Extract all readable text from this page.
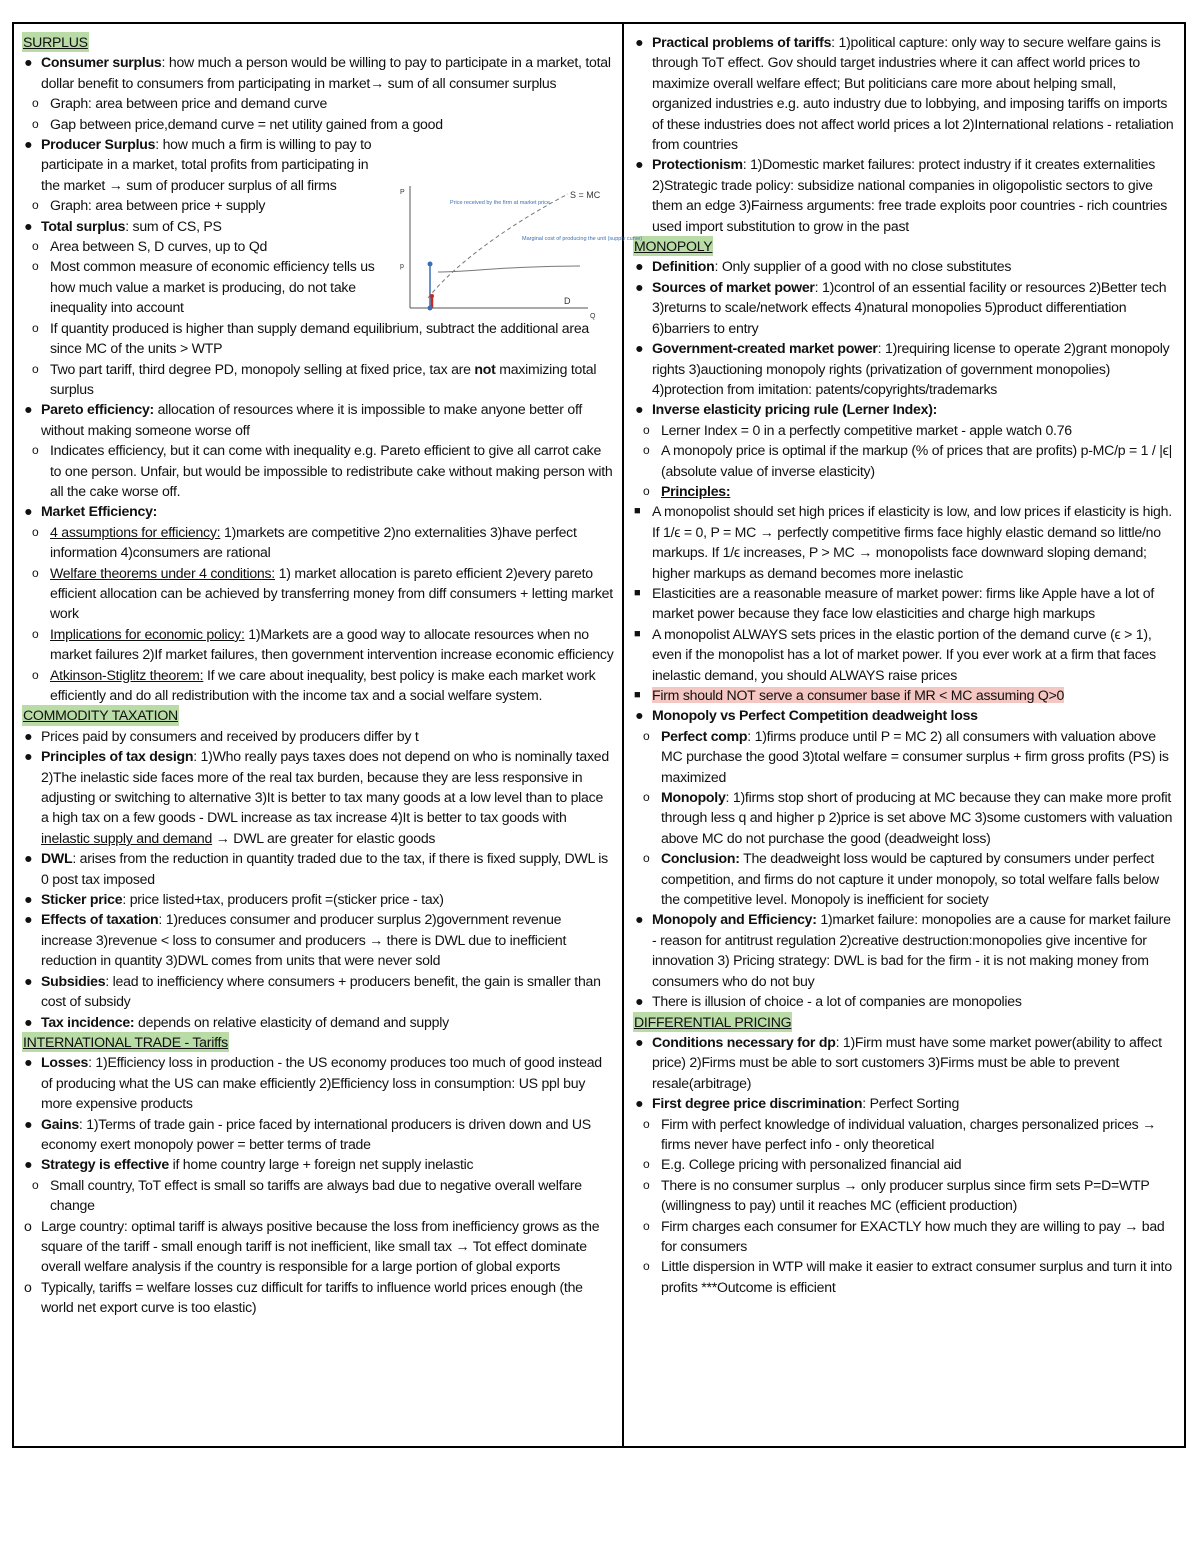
SURPLUS
● Consumer surplus: how much a person would be willing to pay to participate in a market, total dollar benefit to consumers from participating in market→ sum of all consumer surplus
o Graph: area between price and demand curve
o Gap between price,demand curve = net utility gained from a good
● Producer Surplus: how much a firm is willing to pay to participate in a market, total profits from participating in the market → sum of producer surplus of all firms
o Graph: area between price + supply
● Total surplus: sum of CS, PS
o Area between S, D curves, up to Qd
o Most common measure of economic efficiency tells us how much value a market is producing, do not take inequality into account
o If quantity produced is higher than supply demand equilibrium, subtract the additional area since MC of the units > WTP
o Two part tariff, third degree PD, monopoly selling at fixed price, tax are not maximizing total surplus
● Pareto efficiency: allocation of resources where it is impossible to make anyone better off without making someone worse off
o Indicates efficiency, but it can come with inequality e.g. Pareto efficient to give all carrot cake to one person. Unfair, but would be impossible to redistribute cake without making person with all the cake worse off.
● Market Efficiency:
o 4 assumptions for efficiency: 1)markets are competitive 2)no externalities 3)have perfect information 4)consumers are rational
o Welfare theorems under 4 conditions: 1) market allocation is pareto efficient 2)every pareto efficient allocation can be achieved by transferring money from diff consumers + letting market work
o Implications for economic policy: 1)Markets are a good way to allocate resources when no market failures 2)If market failures, then government intervention increase economic efficiency
o Atkinson-Stiglitz theorem: If we care about inequality, best policy is make each market work efficiently and do all redistribution with the income tax and a social welfare system.
COMMODITY TAXATION
● Prices paid by consumers and received by producers differ by t
● Principles of tax design: 1)Who really pays taxes does not depend on who is nominally taxed 2)The inelastic side faces more of the real tax burden, because they are less responsive in adjusting or switching to alternative 3)It is better to tax many goods at a low level than to place a high tax on a few goods - DWL increase as tax increase 4)It is better to tax goods with inelastic supply and demand → DWL are greater for elastic goods
● DWL: arises from the reduction in quantity traded due to the tax, if there is fixed supply, DWL is 0 post tax imposed
● Sticker price: price listed+tax, producers profit =(sticker price - tax)
● Effects of taxation: 1)reduces consumer and producer surplus 2)government revenue increase 3)revenue < loss to consumer and producers → there is DWL due to inefficient reduction in quantity 3)DWL comes from units that were never sold
● Subsidies: lead to inefficiency where consumers + producers benefit, the gain is smaller than cost of subsidy
● Tax incidence: depends on relative elasticity of demand and supply
INTERNATIONAL TRADE - Tariffs
● Losses: 1)Efficiency loss in production - the US economy produces too much of good instead of producing what the US can make efficiently 2)Efficiency loss in consumption: US ppl buy more expensive products
● Gains: 1)Terms of trade gain - price faced by international producers is driven down and US economy exert monopoly power = better terms of trade
● Strategy is effective if home country large + foreign net supply inelastic
o Small country, ToT effect is small so tariffs are always bad due to negative overall welfare change
o Large country: optimal tariff is always positive because the loss from inefficiency grows as the square of the tariff - small enough tariff is not inefficient, like small tax → Tot effect dominate overall welfare analysis if the country is responsible for a large portion of global exports
o Typically, tariffs = welfare losses cuz difficult for tariffs to influence world prices enough (the world net export curve is too elastic)
● Practical problems of tariffs: 1)political capture: only way to secure welfare gains is through ToT effect. Gov should target industries where it can affect world prices to maximize overall welfare effect; But politicians care more about helping small, organized industries e.g. auto industry due to lobbying, and imposing tariffs on imports of these industries does not affect world prices a lot 2)International relations - retaliation from countries
● Protectionism: 1)Domestic market failures: protect industry if it creates externalities 2)Strategic trade policy: subsidize national companies in oligopolistic sectors to give them an edge 3)Fairness arguments: free trade exploits poor countries - rich countries used import substitution to grow in the past
MONOPOLY
● Definition: Only supplier of a good with no close substitutes
● Sources of market power: 1)control of an essential facility or resources 2)Better tech 3)returns to scale/network effects 4)natural monopolies 5)product differentiation 6)barriers to entry
● Government-created market power: 1)requiring license to operate 2)grant monopoly rights 3)auctioning monopoly rights (privatization of government monopolies) 4)protection from imitation: patents/copyrights/trademarks
● Inverse elasticity pricing rule (Lerner Index):
o Lerner Index = 0 in a perfectly competitive market - apple watch 0.76
o A monopoly price is optimal if the markup (% of prices that are profits) p-MC/p = 1 / |ϵ| (absolute value of inverse elasticity)
o Principles:
■ A monopolist should set high prices if elasticity is low, and low prices if elasticity is high. If 1/ϵ = 0, P = MC → perfectly competitive firms face highly elastic demand so little/no markups. If 1/ϵ increases, P > MC → monopolists face downward sloping demand; higher markups as demand becomes more inelastic
■ Elasticities are a reasonable measure of market power: firms like Apple have a lot of market power because they face low elasticities and charge high markups
■ A monopolist ALWAYS sets prices in the elastic portion of the demand curve (ϵ > 1), even if the monopolist has a lot of market power. If you ever work at a firm that faces inelastic demand, you should ALWAYS raise prices
■ Firm should NOT serve a consumer base if MR < MC assuming Q>0
● Monopoly vs Perfect Competition deadweight loss
o Perfect comp: 1)firms produce until P = MC 2) all consumers with valuation above MC purchase the good 3)total welfare = consumer surplus + firm gross profits (PS) is maximized
o Monopoly: 1)firms stop short of producing at MC because they can make more profit through less q and higher p 2)price is set above MC 3)some customers with valuation above MC do not purchase the good (deadweight loss)
o Conclusion: The deadweight loss would be captured by consumers under perfect competition, and firms do not capture it under monopoly, so total welfare falls below the competitive level. Monopoly is inefficient for society
● Monopoly and Efficiency: 1)market failure: monopolies are a cause for market failure - reason for antitrust regulation 2)creative destruction:monopolies give incentive for innovation 3) Pricing strategy: DWL is bad for the firm - it is not making money from consumers who do not buy
● There is illusion of choice - a lot of companies are monopolies
DIFFERENTIAL PRICING
● Conditions necessary for dp: 1)Firm must have some market power(ability to affect price) 2)Firms must be able to sort customers 3)Firms must be able to prevent resale(arbitrage)
● First degree price discrimination: Perfect Sorting
o Firm with perfect knowledge of individual valuation, charges personalized prices → firms never have perfect info - only theoretical
o E.g. College pricing with personalized financial aid
o There is no consumer surplus → only producer surplus since firm sets P=D=WTP (willingness to pay) until it reaches MC (efficient production)
o Firm charges each consumer for EXACTLY how much they are willing to pay → bad for consumers
o Little dispersion in WTP will make it easier to extract consumer surplus and turn it into profits ***Outcome is efficient
P
Q
p
S = MC
Price received by the firm at market price
Marginal cost of producing the unit (supply curve)
D
